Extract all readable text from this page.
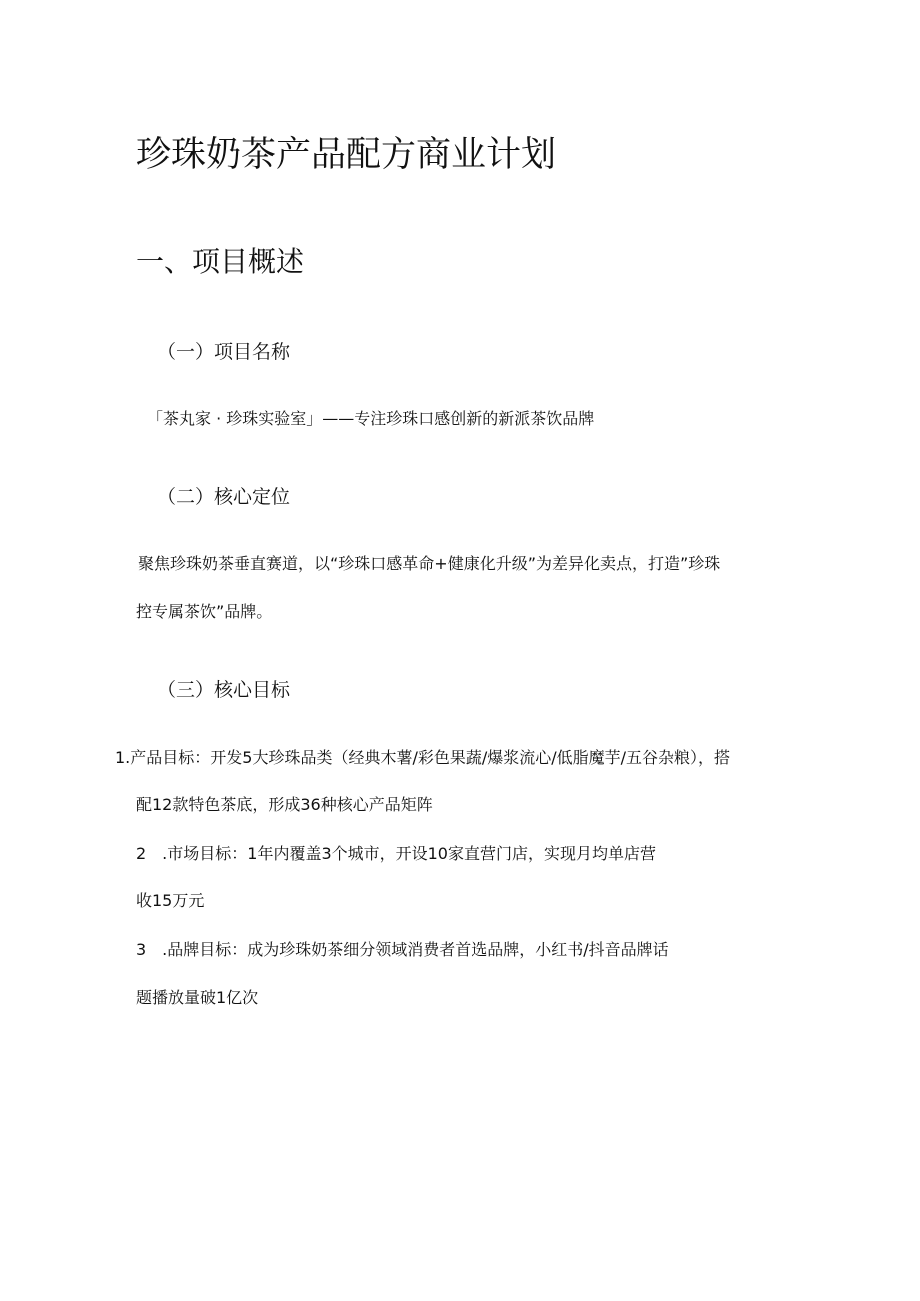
珍珠奶茶产品配方商业计划
一、项目概述
（一）项目名称

「茶丸家 · 珍珠实验室」——专注珍珠口感创新的新派茶饮品牌

（二）核心定位

聚焦珍珠奶茶垂直赛道，以“珍珠口感革命+健康化升级”为差异化卖点，打造”珍珠

控专属茶饮”品牌。

（三）核心目标

1.产品目标：开发5大珍珠品类（经典木薯/彩色果蔬/爆浆流心/低脂魔芋/五谷杂粮），搭

配12款特色茶底，形成36种核心产品矩阵

2　.市场目标：1年内覆盖3个城市，开设10家直营门店，实现月均单店营

收15万元

3　.品牌目标：成为珍珠奶茶细分领域消费者首选品牌，小红书/抖音品牌话

题播放量破1亿次
